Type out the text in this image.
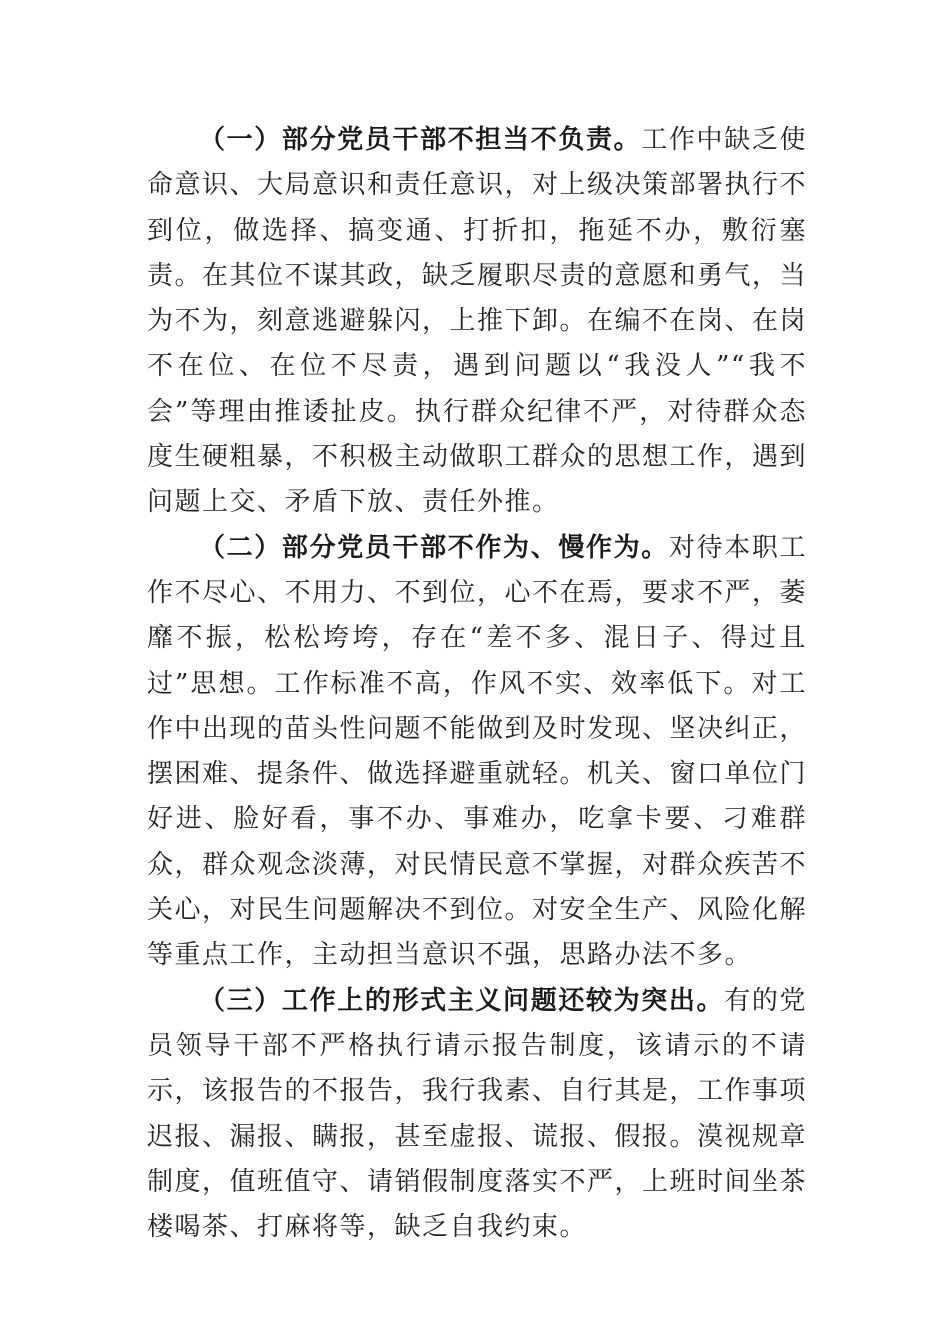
（一）部分党员干部不担当不负责。工作中缺乏使命意识、大局意识和责任意识，对上级决策部署执行不到位，做选择、搞变通、打折扣，拖延不办，敷衍塞责。在其位不谋其政，缺乏履职尽责的意愿和勇气，当为不为，刻意逃避躲闪，上推下卸。在编不在岗、在岗不在位、在位不尽责，遇到问题以“我没人”“我不会”等理由推诿扯皮。执行群众纪律不严，对待群众态度生硬粗暴，不积极主动做职工群众的思想工作，遇到问题上交、矛盾下放、责任外推。

（二）部分党员干部不作为、慢作为。对待本职工作不尽心、不用力、不到位，心不在焉，要求不严，萎靡不振，松松垮垮，存在“差不多、混日子、得过且过”思想。工作标准不高，作风不实、效率低下。对工作中出现的苗头性问题不能做到及时发现、坚决纠正，摆困难、提条件、做选择避重就轻。机关、窗口单位门好进、脸好看，事不办、事难办，吃拿卡要、刁难群众，群众观念淡薄，对民情民意不掌握，对群众疾苦不关心，对民生问题解决不到位。对安全生产、风险化解等重点工作，主动担当意识不强，思路办法不多。

（三）工作上的形式主义问题还较为突出。有的党员领导干部不严格执行请示报告制度，该请示的不请示，该报告的不报告，我行我素、自行其是，工作事项迟报、漏报、瞒报，甚至虚报、谎报、假报。漠视规章制度，值班值守、请销假制度落实不严，上班时间坐茶楼喝茶、打麻将等，缺乏自我约束。
